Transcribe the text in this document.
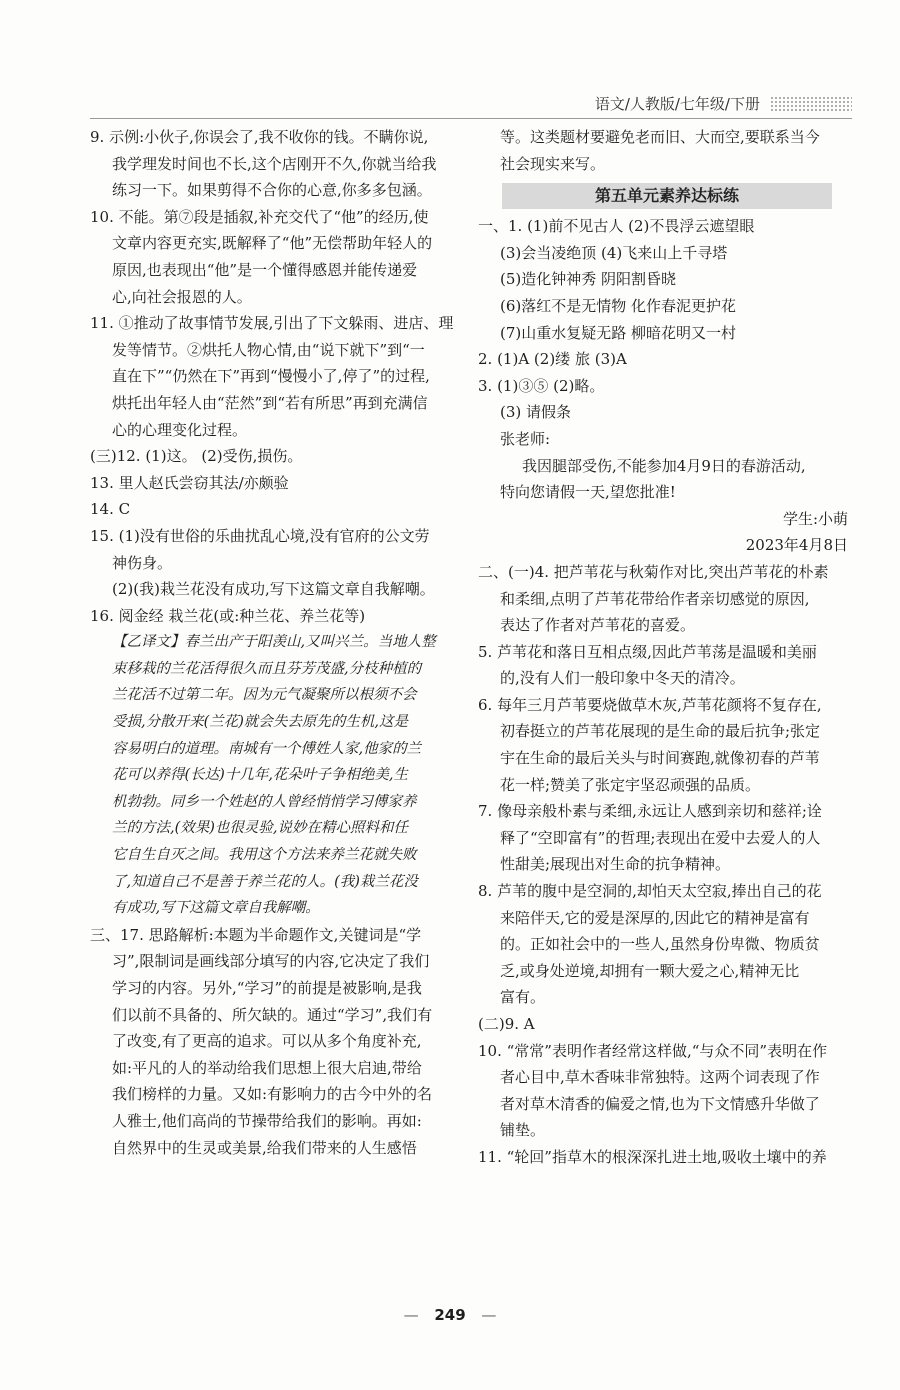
语文/人教版/七年级/下册
9. 示例:小伙子,你误会了,我不收你的钱。不瞒你说,
我学理发时间也不长,这个店刚开不久,你就当给我
练习一下。如果剪得不合你的心意,你多多包涵。
10. 不能。第⑦段是插叙,补充交代了“他”的经历,使
文章内容更充实,既解释了“他”无偿帮助年轻人的
原因,也表现出“他”是一个懂得感恩并能传递爱
心,向社会报恩的人。
11. ①推动了故事情节发展,引出了下文躲雨、进店、理
发等情节。②烘托人物心情,由“说下就下”到“一
直在下”“仍然在下”再到“慢慢小了,停了”的过程,
烘托出年轻人由“茫然”到“若有所思”再到充满信
心的心理变化过程。
(三)12. (1)这。 (2)受伤,损伤。
13. 里人赵氏尝窃其法/亦颇验
14. C
15. (1)没有世俗的乐曲扰乱心境,没有官府的公文劳
神伤身。
(2)(我)栽兰花没有成功,写下这篇文章自我解嘲。
16. 阅金经 栽兰花(或:种兰花、养兰花等)
【乙译文】春兰出产于阳羡山,又叫兴兰。当地人整
束移栽的兰花活得很久而且芬芳茂盛,分枝种植的
兰花活不过第二年。因为元气凝聚所以根须不会
受损,分散开来(兰花)就会失去原先的生机,这是
容易明白的道理。南城有一个傅姓人家,他家的兰
花可以养得(长达)十几年,花朵叶子争相绝美,生
机勃勃。同乡一个姓赵的人曾经悄悄学习傅家养
兰的方法,(效果)也很灵验,说妙在精心照料和任
它自生自灭之间。我用这个方法来养兰花就失败
了,知道自己不是善于养兰花的人。(我)栽兰花没
有成功,写下这篇文章自我解嘲。
三、17. 思路解析:本题为半命题作文,关键词是“学
习”,限制词是画线部分填写的内容,它决定了我们
学习的内容。另外,“学习”的前提是被影响,是我
们以前不具备的、所欠缺的。通过“学习”,我们有
了改变,有了更高的追求。可以从多个角度补充,
如:平凡的人的举动给我们思想上很大启迪,带给
我们榜样的力量。又如:有影响力的古今中外的名
人雅士,他们高尚的节操带给我们的影响。再如:
自然界中的生灵或美景,给我们带来的人生感悟
等。这类题材要避免老而旧、大而空,要联系当今
社会现实来写。
第五单元素养达标练
一、1. (1)前不见古人 (2)不畏浮云遮望眼
(3)会当凌绝顶 (4)飞来山上千寻塔
(5)造化钟神秀 阴阳割昏晓
(6)落红不是无情物 化作春泥更护花
(7)山重水复疑无路 柳暗花明又一村
2. (1)A (2)缕 旅 (3)A
3. (1)③⑤ (2)略。
(3) 请假条
张老师:
我因腿部受伤,不能参加4月9日的春游活动,
特向您请假一天,望您批准!
学生:小萌
2023年4月8日
二、(一)4. 把芦苇花与秋菊作对比,突出芦苇花的朴素
和柔细,点明了芦苇花带给作者亲切感觉的原因,
表达了作者对芦苇花的喜爱。
5. 芦苇花和落日互相点缀,因此芦苇荡是温暖和美丽
的,没有人们一般印象中冬天的清冷。
6. 每年三月芦苇要烧做草木灰,芦苇花颜将不复存在,
初春挺立的芦苇花展现的是生命的最后抗争;张定
宇在生命的最后关头与时间赛跑,就像初春的芦苇
花一样;赞美了张定宇坚忍顽强的品质。
7. 像母亲般朴素与柔细,永远让人感到亲切和慈祥;诠
释了“空即富有”的哲理;表现出在爱中去爱人的人
性甜美;展现出对生命的抗争精神。
8. 芦苇的腹中是空洞的,却怕天太空寂,捧出自己的花
来陪伴天,它的爱是深厚的,因此它的精神是富有
的。正如社会中的一些人,虽然身份卑微、物质贫
乏,或身处逆境,却拥有一颗大爱之心,精神无比
富有。
(二)9. A
10. “常常”表明作者经常这样做,“与众不同”表明在作
者心目中,草木香味非常独特。这两个词表现了作
者对草木清香的偏爱之情,也为下文情感升华做了
铺垫。
11. “轮回”指草木的根深深扎进土地,吸收土壤中的养
— 249 —
